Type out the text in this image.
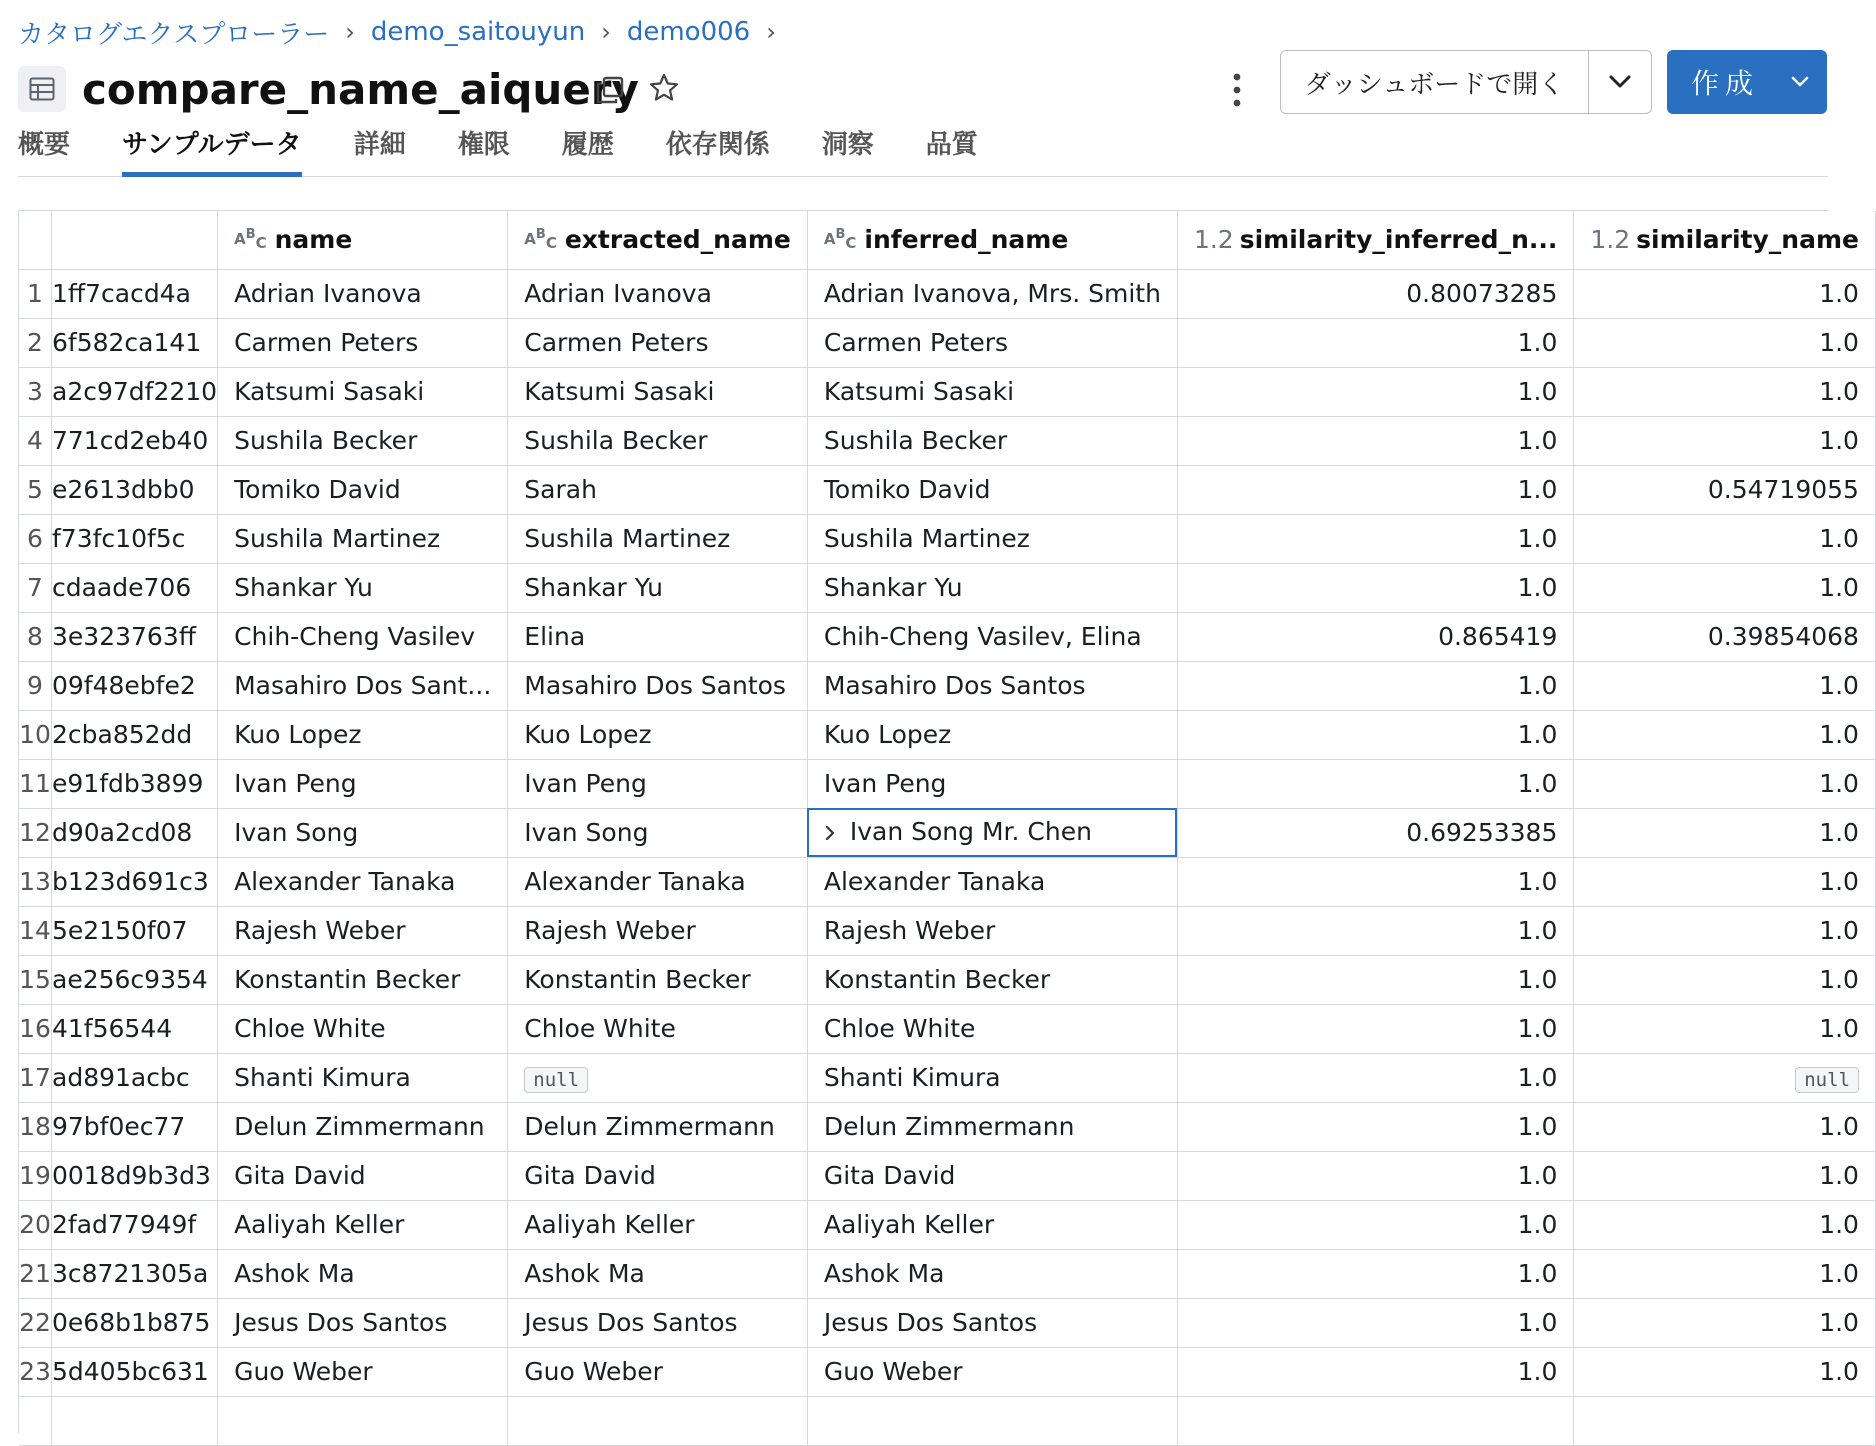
カタログエクスプローラー › demo_saitouyun › demo006 ›
compare_name_aiquery	ダッシュボードで開く	作成
概要 サンプルデータ 詳細 権限 履歴 依存関係 洞察 品質
		$A^B_C$ name	$A^B_C$ extracted_name	$A^B_C$ inferred_name	1.2 similarity_inferred_n...	1.2 similarity_name
1	1ff7cacd4a	Adrian Ivanova	Adrian Ivanova	Adrian Ivanova, Mrs. Smith	0.80073285	1.0
2	6f582ca141	Carmen Peters	Carmen Peters	Carmen Peters	1.0	1.0
3	a2c97df2210	Katsumi Sasaki	Katsumi Sasaki	Katsumi Sasaki	1.0	1.0
4	771cd2eb40	Sushila Becker	Sushila Becker	Sushila Becker	1.0	1.0
5	e2613dbb0	Tomiko David	Sarah	Tomiko David	1.0	0.54719055
6	f73fc10f5c	Sushila Martinez	Sushila Martinez	Sushila Martinez	1.0	1.0
7	cdaade706	Shankar Yu	Shankar Yu	Shankar Yu	1.0	1.0
8	3e323763ff	Chih-Cheng Vasilev	Elina	Chih-Cheng Vasilev, Elina	0.865419	0.39854068
9	09f48ebfe2	Masahiro Dos Sant...	Masahiro Dos Santos	Masahiro Dos Santos	1.0	1.0
10	2cba852dd	Kuo Lopez	Kuo Lopez	Kuo Lopez	1.0	1.0
11	e91fdb3899	Ivan Peng	Ivan Peng	Ivan Peng	1.0	1.0
12	d90a2cd08	Ivan Song	Ivan Song	Ivan Song Mr. Chen	0.69253385	1.0
13	b123d691c3	Alexander Tanaka	Alexander Tanaka	Alexander Tanaka	1.0	1.0
14	5e2150f07	Rajesh Weber	Rajesh Weber	Rajesh Weber	1.0	1.0
15	ae256c9354	Konstantin Becker	Konstantin Becker	Konstantin Becker	1.0	1.0
16	41f56544	Chloe White	Chloe White	Chloe White	1.0	1.0
17	ad891acbc	Shanti Kimura	null	Shanti Kimura	1.0	null
18	97bf0ec77	Delun Zimmermann	Delun Zimmermann	Delun Zimmermann	1.0	1.0
19	0018d9b3d3	Gita David	Gita David	Gita David	1.0	1.0
20	2fad77949f	Aaliyah Keller	Aaliyah Keller	Aaliyah Keller	1.0	1.0
21	3c8721305a	Ashok Ma	Ashok Ma	Ashok Ma	1.0	1.0
22	0e68b1b875	Jesus Dos Santos	Jesus Dos Santos	Jesus Dos Santos	1.0	1.0
23	5d405bc631	Guo Weber	Guo Weber	Guo Weber	1.0	1.0
